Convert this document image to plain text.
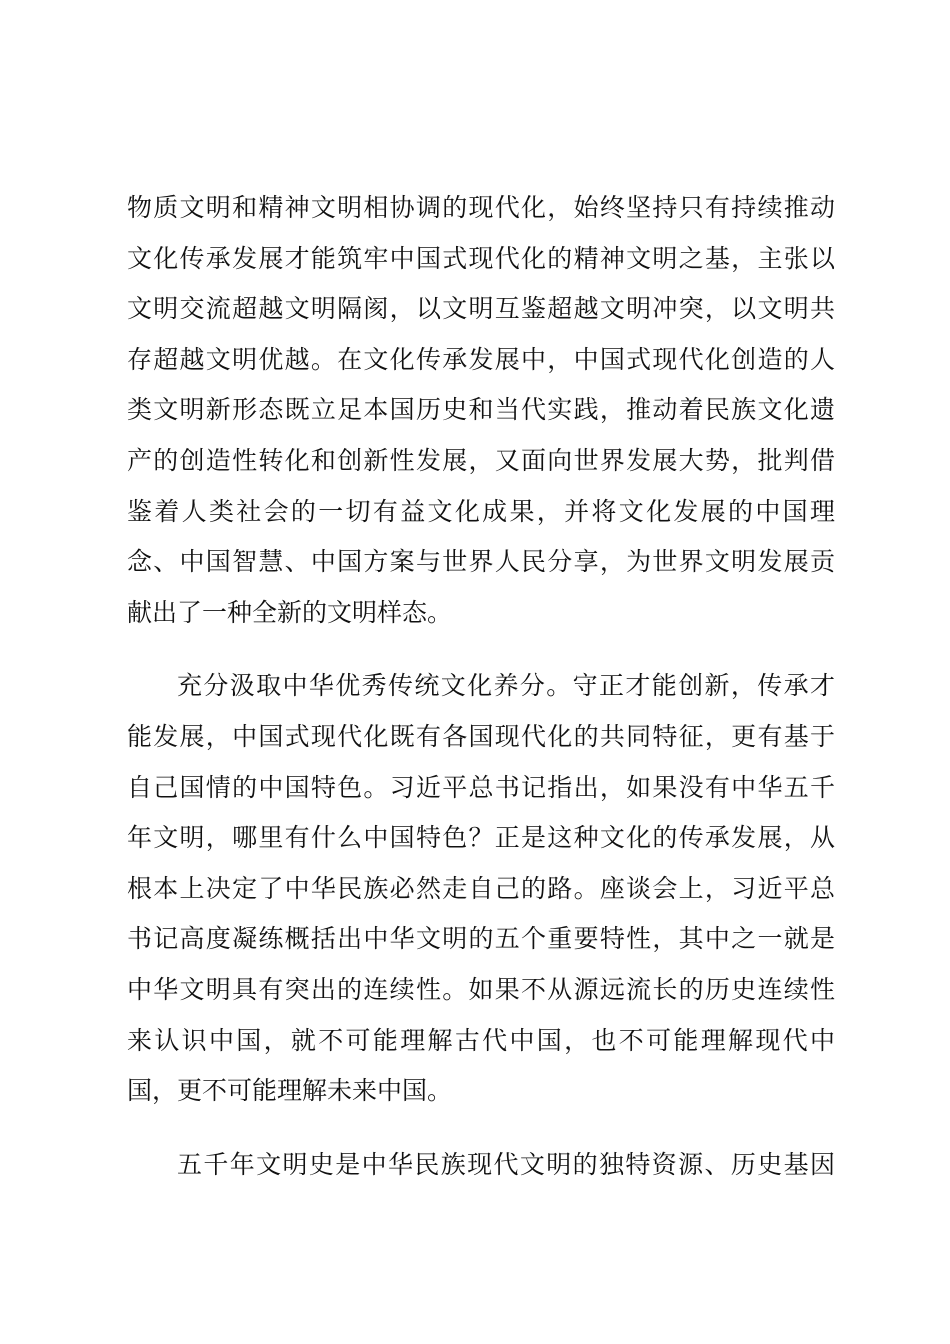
物质文明和精神文明相协调的现代化，始终坚持只有持续推动
文化传承发展才能筑牢中国式现代化的精神文明之基，主张以
文明交流超越文明隔阂，以文明互鉴超越文明冲突，以文明共
存超越文明优越。在文化传承发展中，中国式现代化创造的人
类文明新形态既立足本国历史和当代实践，推动着民族文化遗
产的创造性转化和创新性发展，又面向世界发展大势，批判借
鉴着人类社会的一切有益文化成果，并将文化发展的中国理
念、中国智慧、中国方案与世界人民分享，为世界文明发展贡
献出了一种全新的文明样态。
充分汲取中华优秀传统文化养分。守正才能创新，传承才
能发展，中国式现代化既有各国现代化的共同特征，更有基于
自己国情的中国特色。习近平总书记指出，如果没有中华五千
年文明，哪里有什么中国特色？正是这种文化的传承发展，从
根本上决定了中华民族必然走自己的路。座谈会上，习近平总
书记高度凝练概括出中华文明的五个重要特性，其中之一就是
中华文明具有突出的连续性。如果不从源远流长的历史连续性
来认识中国，就不可能理解古代中国，也不可能理解现代中
国，更不可能理解未来中国。
五千年文明史是中华民族现代文明的独特资源、历史基因
